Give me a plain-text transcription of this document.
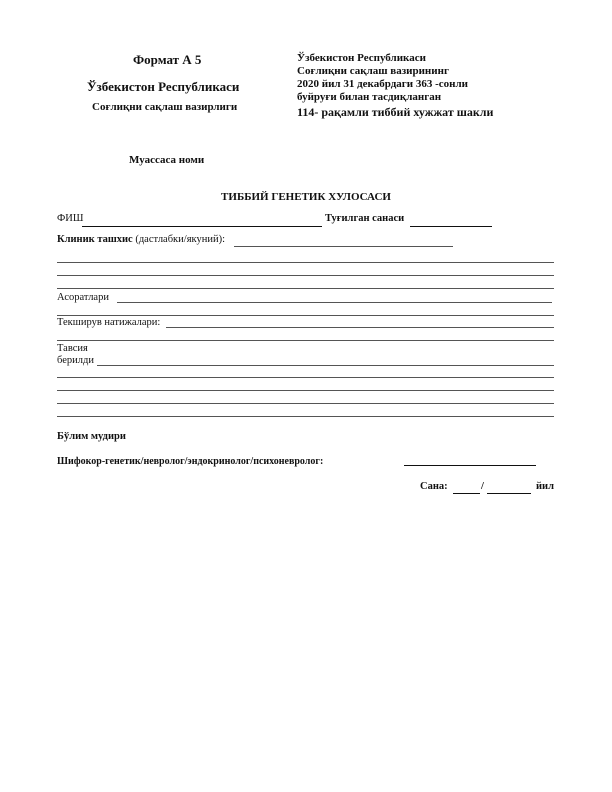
Формат А 5
Ўзбекистон Республикаси
Соғлиқни сақлаш вазирлиги
Ўзбекистон Республикаси
Соғлиқни сақлаш вазирининг
2020 йил 31 декабрдаги 363 -сонли
буйруғи билан тасдиқланган
114- рақамли тиббий хужжат шакли
Муассаса номи
ТИББИЙ ГЕНЕТИК ХУЛОСАСИ
ФИШ	Туғилган санаси
Клиник ташхис (дастлабки/якуний):
Асоратлари
Текширув натижалари:
Тавсия
берилди
Бўлим мудири
Шифокор-генетик/невролог/эндокринолог/психоневролог:
Сана:	/	йил
